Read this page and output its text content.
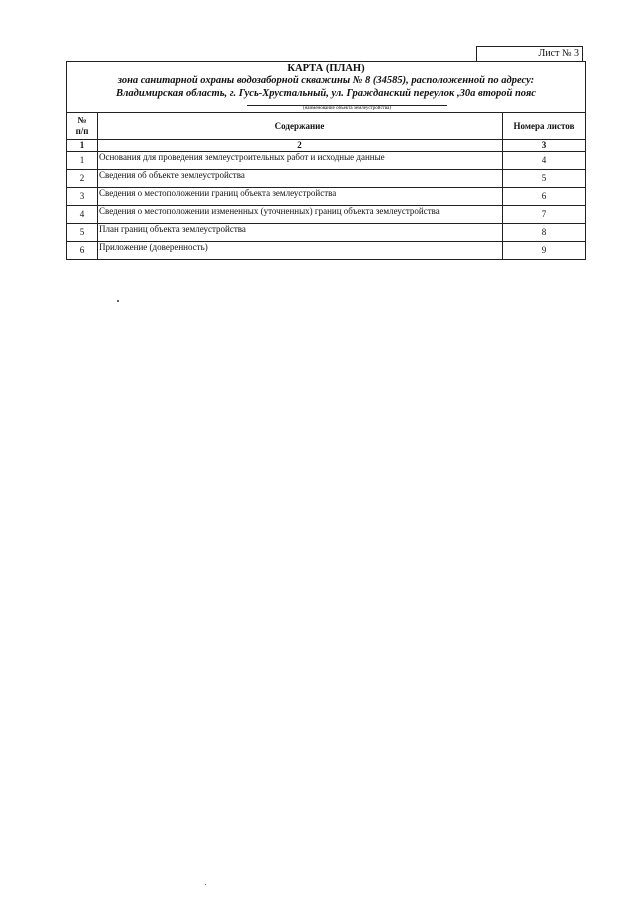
Лист № 3
КАРТА (ПЛАН)
зона санитарной охраны водозаборной скважины № 8 (34585), расположенной по адресу:
Владимирская область, г. Гусь-Хрустальный, ул. Гражданский переулок ,30а второй пояс
(наименование объекта землеустройства)
№
п/п	Содержание	Номера листов
1	2	3
1	Основания для проведения землеустроительных работ и исходные данные	4
2	Сведения об объекте землеустройства	5
3	Сведения о местоположении границ объекта землеустройства	6
4	Сведения о местоположении измененных (уточненных) границ объекта землеустройства	7
5	План границ объекта землеустройства	8
6	Приложение (доверенность)	9
